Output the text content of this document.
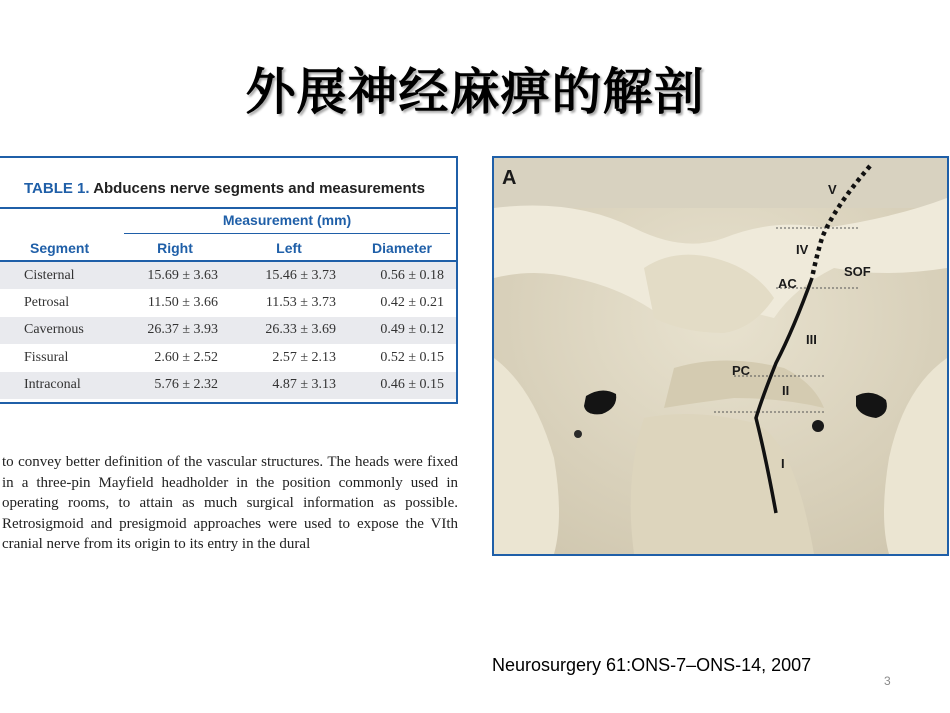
外展神经麻痹的解剖
TABLE 1. Abducens nerve segments and measurements
Measurement (mm)
Segment	Right	Left	Diameter
Cisternal	15.69 ± 3.63	15.46 ± 3.73	0.56 ± 0.18
Petrosal	11.50 ± 3.66	11.53 ± 3.73	0.42 ± 0.21
Cavernous	26.37 ± 3.93	26.33 ± 3.69	0.49 ± 0.12
Fissural	2.60 ± 2.52	2.57 ± 2.13	0.52 ± 0.15
Intraconal	5.76 ± 2.32	4.87 ± 3.13	0.46 ± 0.15
to convey better definition of the vascular structures. The heads were fixed in a three-pin Mayfield headholder in the position commonly used in operating rooms, to attain as much surgical information as possible. Retrosigmoid and presigmoid approaches were used to expose the VIth cranial nerve from its origin to its entry in the dural
A
V
IV
SOF
AC
III
PC
II
I
Neurosurgery 61:ONS-7–ONS-14, 2007
3
